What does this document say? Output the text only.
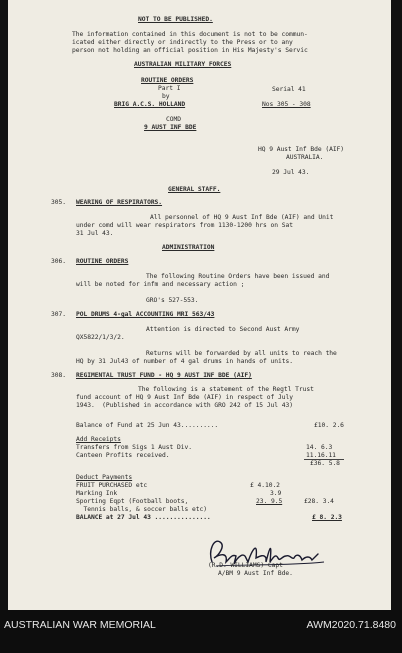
NOT TO BE PUBLISHED.
The information contained in this document is not to be commun-
icated either directly or indirectly to the Press or to any
person not holding an official position in His Majesty's Servic
AUSTRALIAN MILITARY FORCES
ROUTINE ORDERS
Part I
by
Serial 41
BRIG A.C.S. HOLLAND	Nos 305 - 308
COMD
9 AUST INF BDE
HQ 9 Aust Inf Bde (AIF)
AUSTRALIA.
29 Jul 43.
GENERAL STAFF.
305. WEARING OF RESPIRATORS.
All personnel of HQ 9 Aust Inf Bde (AIF) and Unit
under comd will wear respirators from 1130-1200 hrs on Sat
31 Jul 43.
ADMINISTRATION
306. ROUTINE ORDERS
The following Routine Orders have been issued and
will be noted for infm and necessary action ;
GRO's 527-553.
307. POL DRUMS 4-gal ACCOUNTING MRI 563/43
Attention is directed to Second Aust Army
QX5822/1/3/2.
Returns will be forwarded by all units to reach the
HQ by 31 Jul43 of number of 4 gal drums in hands of units.
308. REGIMENTAL TRUST FUND - HQ 9 AUST INF BDE (AIF)
The following is a statement of the Regtl Trust
fund account of HQ 9 Aust Inf Bde (AIF) in respect of July
1943.  (Published in accordance with GRO 242 of 15 Jul 43)
Balance of Fund at 25 Jun 43..........	£10. 2.6
Add Receipts
Transfers from Sigs 1 Aust Div.	14. 6.3
Canteen Profits received.	11.16.11
£36. 5.8
Deduct Payments
FRUIT PURCHASED etc	£ 4.10.2
Marking Ink	3.9
Sporting Eqpt (Football boots,	23. 9.5	£28. 3.4
Tennis balls, & soccer balls etc)
BALANCE at 27 Jul 43 ...............	£ 8. 2.3
(R.D. WILLIAMS) Capt
A/BM 9 Aust Inf Bde.
AUSTRALIAN WAR MEMORIAL	AWM2020.71.8480
